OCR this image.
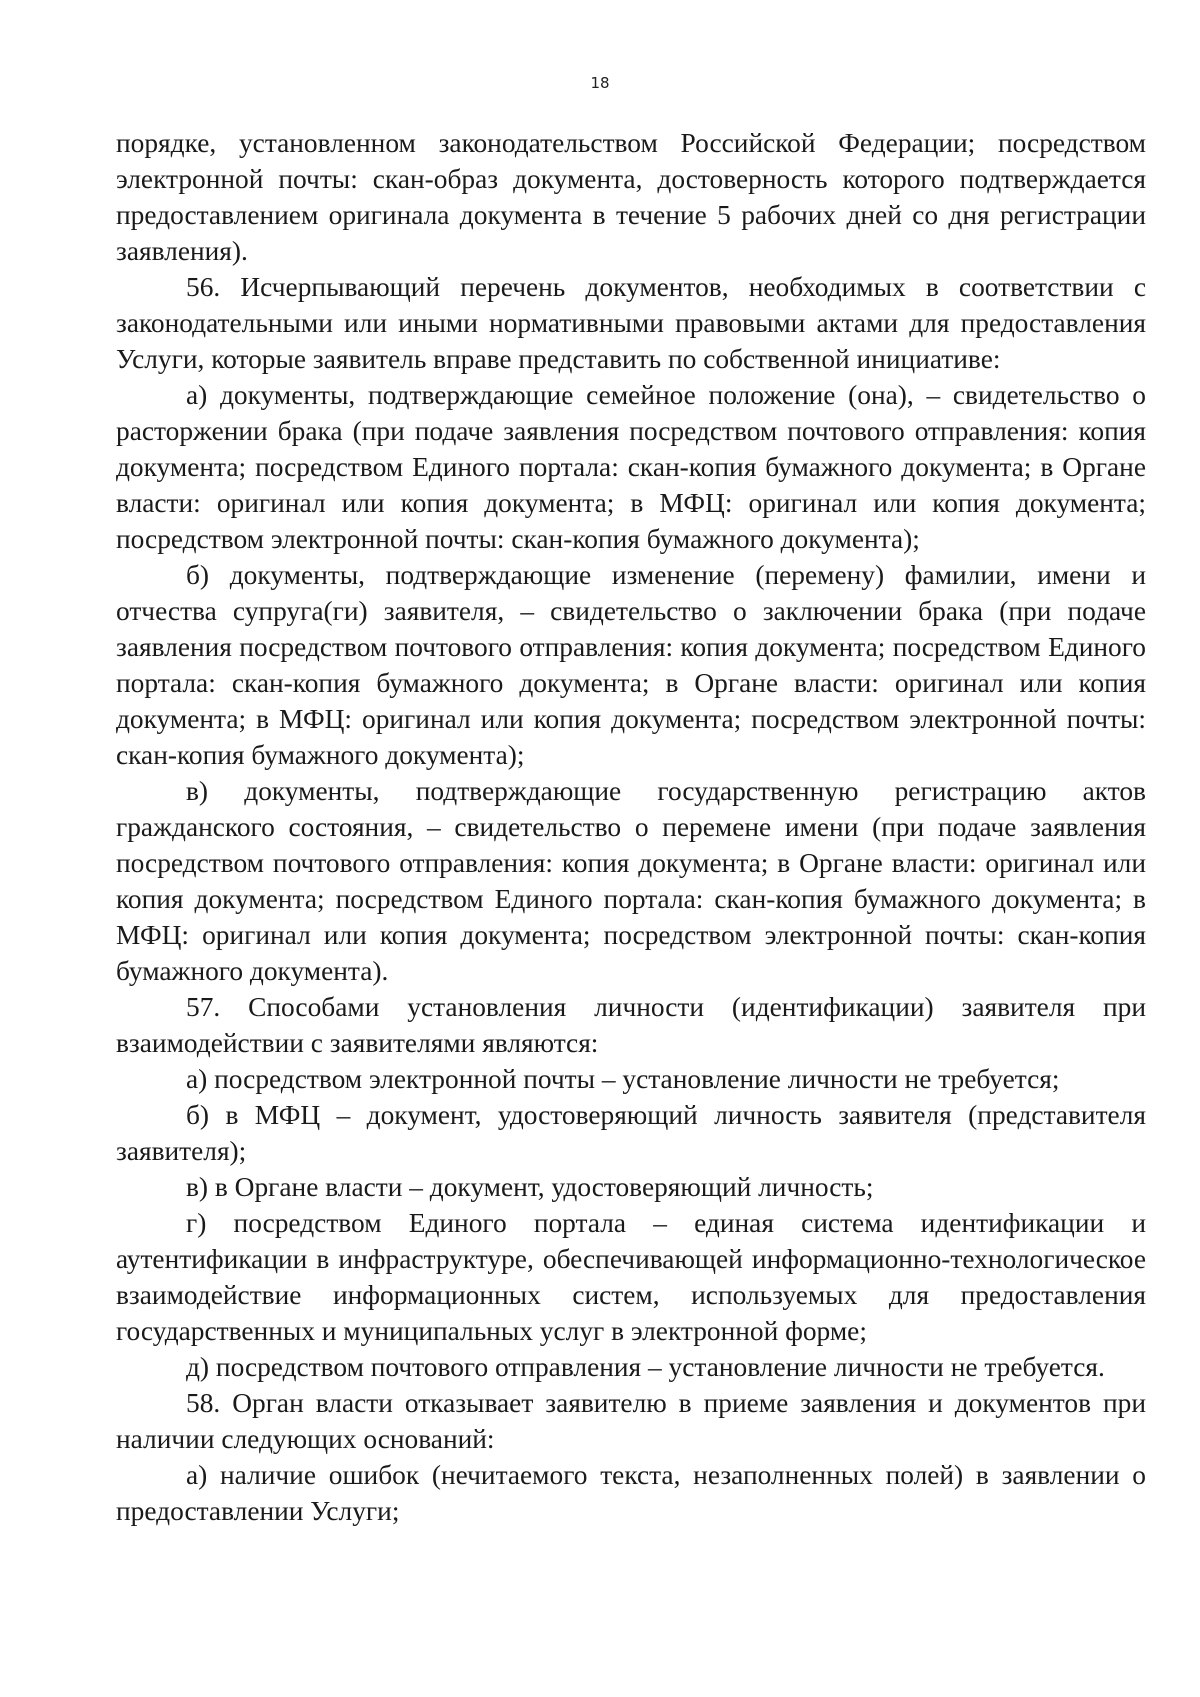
18

порядке, установленном законодательством Российской Федерации; посредством электронной почты: скан-образ документа, достоверность которого подтверждается предоставлением оригинала документа в течение 5 рабочих дней со дня регистрации заявления).

56. Исчерпывающий перечень документов, необходимых в соответствии с законодательными или иными нормативными правовыми актами для предоставления Услуги, которые заявитель вправе представить по собственной инициативе:

а) документы, подтверждающие семейное положение (она), – свидетельство о расторжении брака (при подаче заявления посредством почтового отправления: копия документа; посредством Единого портала: скан-копия бумажного документа; в Органе власти: оригинал или копия документа; в МФЦ: оригинал или копия документа; посредством электронной почты: скан-копия бумажного документа);

б) документы, подтверждающие изменение (перемену) фамилии, имени и отчества супруга(ги) заявителя, – свидетельство о заключении брака (при подаче заявления посредством почтового отправления: копия документа; посредством Единого портала: скан-копия бумажного документа; в Органе власти: оригинал или копия документа; в МФЦ: оригинал или копия документа; посредством электронной почты: скан-копия бумажного документа);

в) документы, подтверждающие государственную регистрацию актов гражданского состояния, – свидетельство о перемене имени (при подаче заявления посредством почтового отправления: копия документа; в Органе власти: оригинал или копия документа; посредством Единого портала: скан-копия бумажного документа; в МФЦ: оригинал или копия документа; посредством электронной почты: скан-копия бумажного документа).

57. Способами установления личности (идентификации) заявителя при взаимодействии с заявителями являются:

а) посредством электронной почты – установление личности не требуется;

б) в МФЦ – документ, удостоверяющий личность заявителя (представителя заявителя);

в) в Органе власти – документ, удостоверяющий личность;

г) посредством Единого портала – единая система идентификации и аутентификации в инфраструктуре, обеспечивающей информационно-технологическое взаимодействие информационных систем, используемых для предоставления государственных и муниципальных услуг в электронной форме;

д) посредством почтового отправления – установление личности не требуется.

58. Орган власти отказывает заявителю в приеме заявления и документов при наличии следующих оснований:

а) наличие ошибок (нечитаемого текста, незаполненных полей) в заявлении о предоставлении Услуги;
